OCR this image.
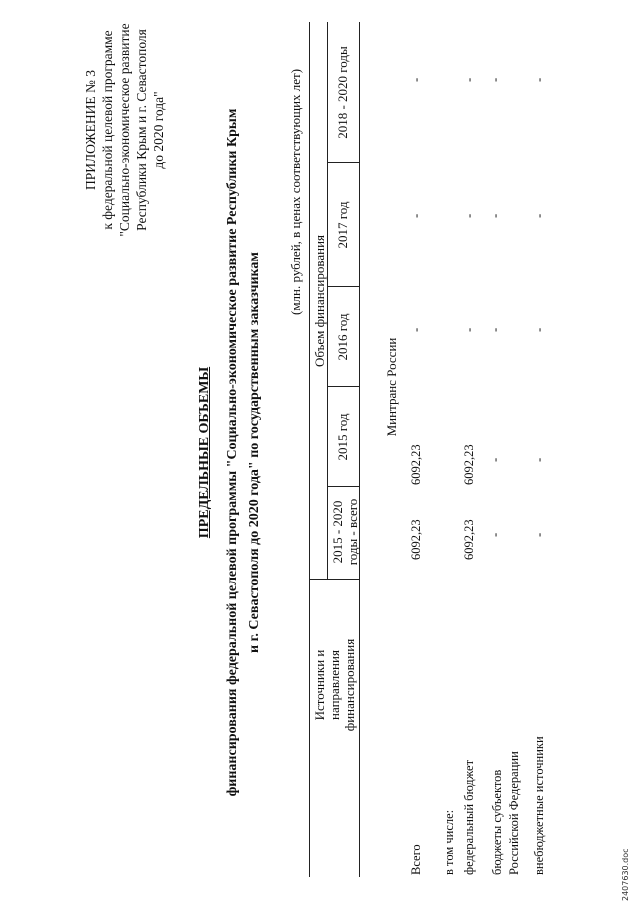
ПРИЛОЖЕНИЕ № 3 к федеральной целевой программе "Социально-экономическое развитие Республики Крым и г. Севастополя до 2020 года"
ПРЕДЕЛЬНЫЕ ОБЪЕМЫ финансирования федеральной целевой программы "Социально-экономическое развитие Республики Крым и г. Севастополя до 2020 года" по государственным заказчикам
(млн. рублей, в ценах соответствующих лет)
Источники и направления финансирования
Объем финансирования
2015 - 2020 годы - всего
2015 год
2016 год
2017 год
2018 - 2020 годы
Минтранс России
Всего
6092,23
6092,23
-
-
-
в том числе: федеральный бюджет
6092,23
6092,23
-
-
-
бюджеты субъектов Российской Федерации
-
-
-
-
-
внебюджетные источники
-
-
-
-
-
2407630.doc
